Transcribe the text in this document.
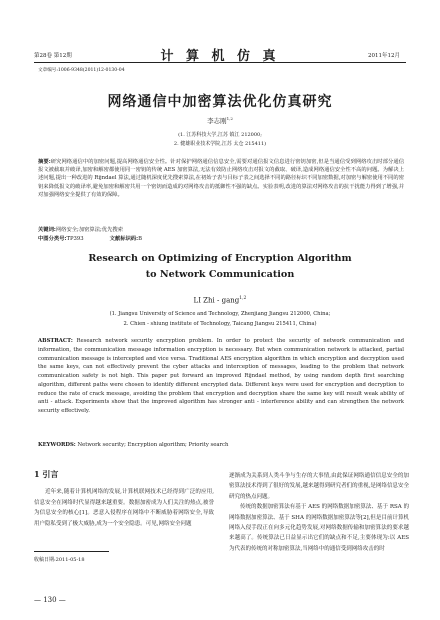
第28卷 第12期	计 算 机 仿 真	2011年12月
文章编号:1006-9348(2011)12-0130-04
网络通信中加密算法优化仿真研究
李志刚$^{1,2}$
(1. 江苏科技大学,江苏 镇江 212000;
2. 健雄职业技术学院,江苏 太仓 215411)
摘要:研究网络通信中的加密问题,提高网络通信安全性。针对保护网络通信信息安全,需要对通信报文信息进行密钥加密,但是当通信受到网络攻击时部分通信报文被截取并破译,加密和解密都使用同一密钥的传统 AES 加密算法,无法有效防止网络攻击对报文的截取、破译,造成网络通信安全性不高的问题。为解决上述问题,提出一种改进的 Rijndael 算法,通过随机深度优先搜索算法,在初始子表与目标子表之间选择不同的路径标识不同加密数据,对加密与解密使用不同的密钥来降低报文的破译率,避免加密和解密共用一个密钥而造成的对网络攻击的抵御性不强的缺点。实验表明,改进的算法对网络攻击的抗干扰能力得到了增强,并对加强网络安全提供了有效的保障。
关键词:网络安全;加密算法;优先搜索
中图分类号:TP393	文献标识码:B
Research on Optimizing of Encryption Algorithm
to Network Communication
LI Zhi - gang$^{1,2}$
(1. Jiangsu University of Science and Technology, Zhenjiang Jiangsu 212000, China;
2. Chien - shiung institute of Technology, Taicang Jiangsu 215411, China)
ABSTRACT: Research network security encryption problem. In order to protect the security of network communication and information, the communication message information encryption is necessary. But when communication network is attacked, partial communication message is intercepted and vice versa. Traditional AES encryption algorithm in which encryption and decryption used the same keys, can not effectively prevent the cyber attacks and interception of messages, leading to the problem that network communication safety is not high. This paper put forward an improved Rijndael method, by using random depth first searching algorithm, different paths were chosen to identify different encrypted data. Different keys were used for encryption and decryption to reduce the rate of crack message, avoiding the problem that encryption and decryption share the same key will result weak ability of anti - attack. Experiments show that the improved algorithm has stronger anti - interference ability and can strengthen the network security effectively.
KEYWORDS: Network security; Encryption algorithm; Priority search
1 引言
近年来,随着计算机网络的发展,计算机联网技术已经得到广泛的应用,信息安全在网络时代显得越来越重要。数据加密成为人们关注的热点,被誉为信息安全的核心[1]。恶意入侵程序在网络中不断威胁着网络安全,导致用户隐私受到了极大威胁,成为一个安全隐患。可见,网络安全问题

逐渐成为关系到人类斗争与生存的大事情,由此保证网络通信信息安全的加密算法技术得到了很好的发展,越来越得到研究者们的重视,是网络信息安全研究的热点问题。

传统的数据加密算法有基于 AES 的网络数据加密算法、基于 RSA 的网络数据加密算法、基于 SHA 的网络数据加密算法等[2],但是目前计算机网络入侵手段正在向多元化趋势发展,对网络数据传输和加密算法的要求越来越高了。传统算法已日益显示出它们的缺点和不足,主要体现为:以 AES 为代表的传统的对称加密算法,当网络中的通信受到网络攻击的时

收稿日期:2011-05-18
— 130 —
